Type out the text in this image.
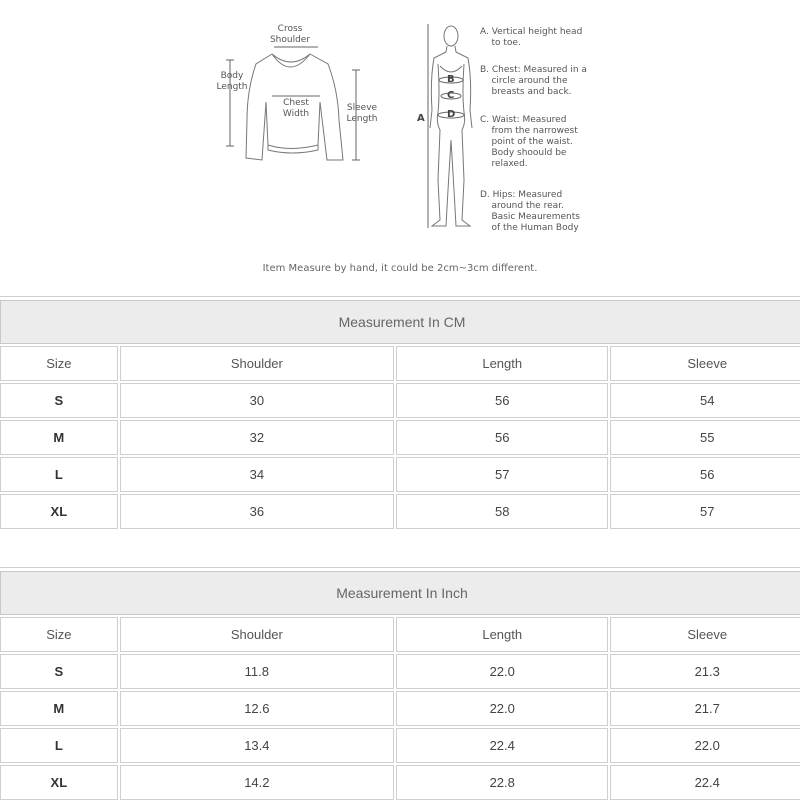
Cross
Shoulder
Body
Length
Chest
Width
Sleeve
Length	A
B
C
D
A. Vertical height head
to toe.
B. Chest: Measured in a
circle around the
breasts and back.
C. Waist: Measured
from the narrowest
point of the waist.
Body shoould be
relaxed.
D. Hips: Measured
around the rear.
Basic Meaurements
of the Human Body
Item Measure by hand, it could be 2cm~3cm different.
Measurement In CM			
Size	Shoulder	Length	Sleeve
S	30	56	54
M	32	56	55
L	34	57	56
XL	36	58	57
Measurement In Inch			
Size	Shoulder	Length	Sleeve
S	11.8	22.0	21.3
M	12.6	22.0	21.7
L	13.4	22.4	22.0
XL	14.2	22.8	22.4
